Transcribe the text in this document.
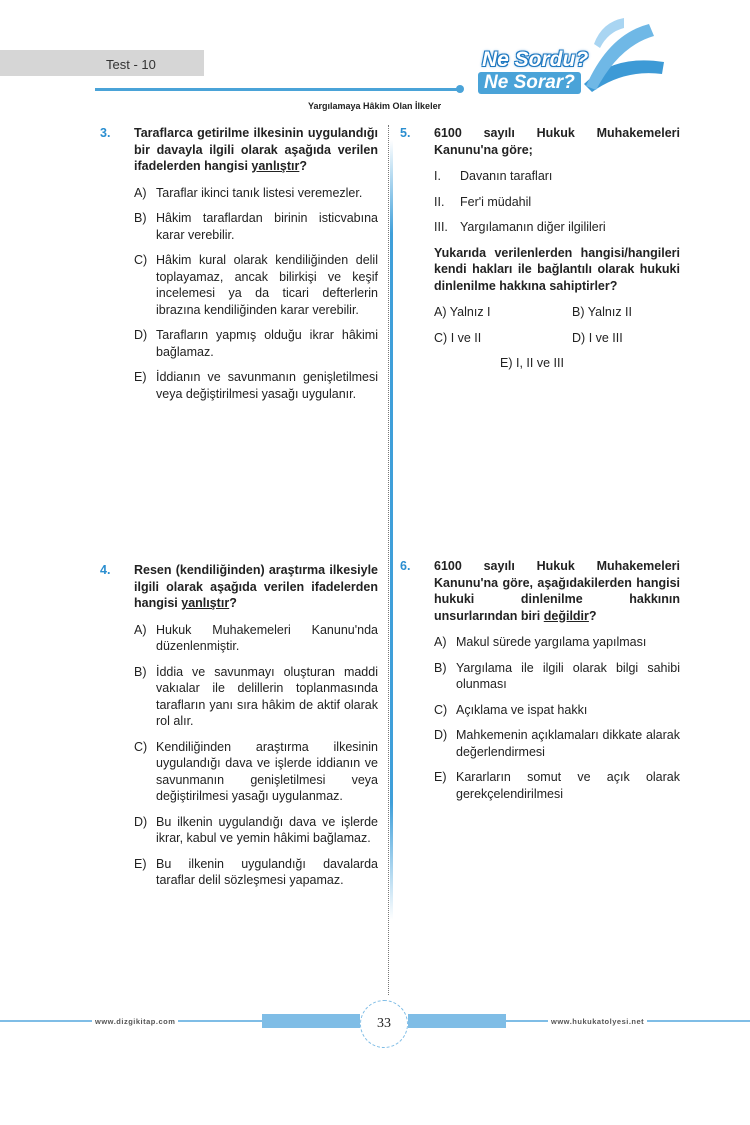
Test - 10	Ne Sordu?
Ne Sorar?
Yargılamaya Hâkim Olan İlkeler
3. Taraflarca getirilme ilkesinin uygulandığı bir davayla ilgili olarak aşağıda verilen ifadelerden hangisi yanlıştır?
A) Taraflar ikinci tanık listesi veremezler.
B) Hâkim taraflardan birinin isticvabına karar verebilir.
C) Hâkim kural olarak kendiliğinden delil toplayamaz, ancak bilirkişi ve keşif incelemesi ya da ticari defterlerin ibrazına kendiliğinden karar verebilir.
D) Tarafların yapmış olduğu ikrar hâkimi bağlamaz.
E) İddianın ve savunmanın genişletilmesi veya değiştirilmesi yasağı uygulanır.
4. Resen (kendiliğinden) araştırma ilkesiyle ilgili olarak aşağıda verilen ifadelerden hangisi yanlıştır?
A) Hukuk Muhakemeleri Kanunu'nda düzenlenmiştir.
B) İddia ve savunmayı oluşturan maddi vakıalar ile delillerin toplanmasında tarafların yanı sıra hâkim de aktif olarak rol alır.
C) Kendiliğinden araştırma ilkesinin uygulandığı dava ve işlerde iddianın ve savunmanın genişletilmesi veya değiştirilmesi yasağı uygulanmaz.
D) Bu ilkenin uygulandığı dava ve işlerde ikrar, kabul ve yemin hâkimi bağlamaz.
E) Bu ilkenin uygulandığı davalarda taraflar delil sözleşmesi yapamaz.
5. 6100 sayılı Hukuk Muhakemeleri Kanunu'na göre;
I.	Davanın tarafları
II.	Fer'i müdahil
III. Yargılamanın diğer ilgilileri
Yukarıda verilenlerden hangisi/hangileri kendi hakları ile bağlantılı olarak hukuki dinlenilme hakkına sahiptirler?
A) Yalnız I	B) Yalnız II
C) I ve II	D) I ve III
E) I, II ve III
6. 6100 sayılı Hukuk Muhakemeleri Kanunu'na göre, aşağıdakilerden hangisi hukuki dinlenilme hakkının unsurlarından biri değildir?
A) Makul sürede yargılama yapılması
B) Yargılama ile ilgili olarak bilgi sahibi olunması
C) Açıklama ve ispat hakkı
D) Mahkemenin açıklamaları dikkate alarak değerlendirmesi
E) Kararların somut ve açık olarak gerekçelendirilmesi
www.dizgikitap.com	www.hukukatolyesi.net
33
